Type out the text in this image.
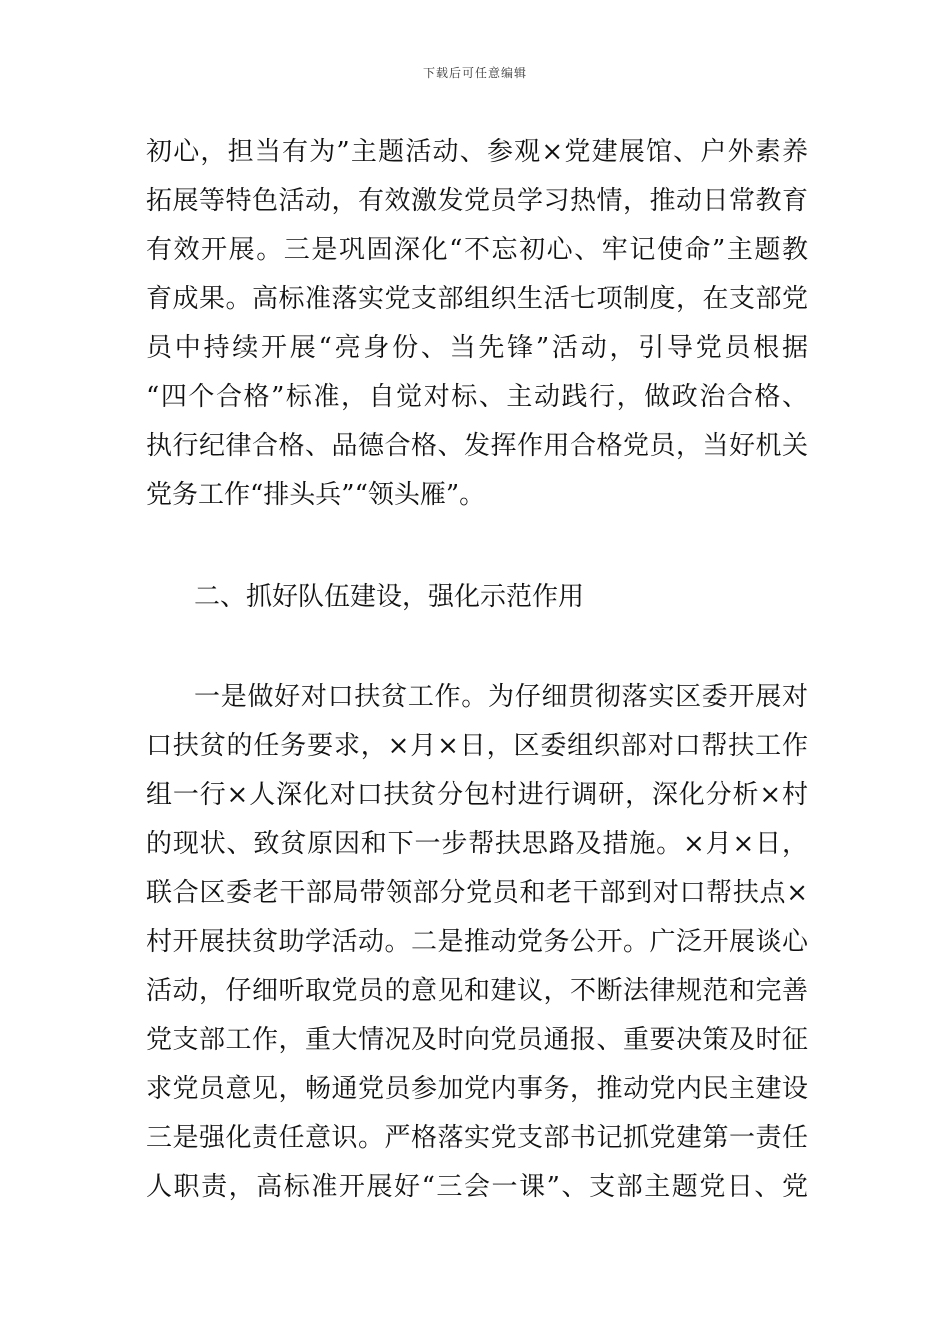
下载后可任意编辑
初心，担当有为”主题活动、参观×党建展馆、户外素养
拓展等特色活动，有效激发党员学习热情，推动日常教育
有效开展。三是巩固深化“不忘初心、牢记使命”主题教
育成果。高标准落实党支部组织生活七项制度，在支部党
员中持续开展“亮身份、当先锋”活动，引导党员根据
“四个合格”标准，自觉对标、主动践行，做政治合格、
执行纪律合格、品德合格、发挥作用合格党员，当好机关
党务工作“排头兵”“领头雁”。
二、抓好队伍建设，强化示范作用
一是做好对口扶贫工作。为仔细贯彻落实区委开展对
口扶贫的任务要求，×月×日，区委组织部对口帮扶工作
组一行×人深化对口扶贫分包村进行调研，深化分析×村
的现状、致贫原因和下一步帮扶思路及措施。×月×日，
联合区委老干部局带领部分党员和老干部到对口帮扶点×
村开展扶贫助学活动。二是推动党务公开。广泛开展谈心
活动，仔细听取党员的意见和建议，不断法律规范和完善
党支部工作，重大情况及时向党员通报、重要决策及时征
求党员意见，畅通党员参加党内事务，推动党内民主建设
三是强化责任意识。严格落实党支部书记抓党建第一责任
人职责，高标准开展好“三会一课”、支部主题党日、党
